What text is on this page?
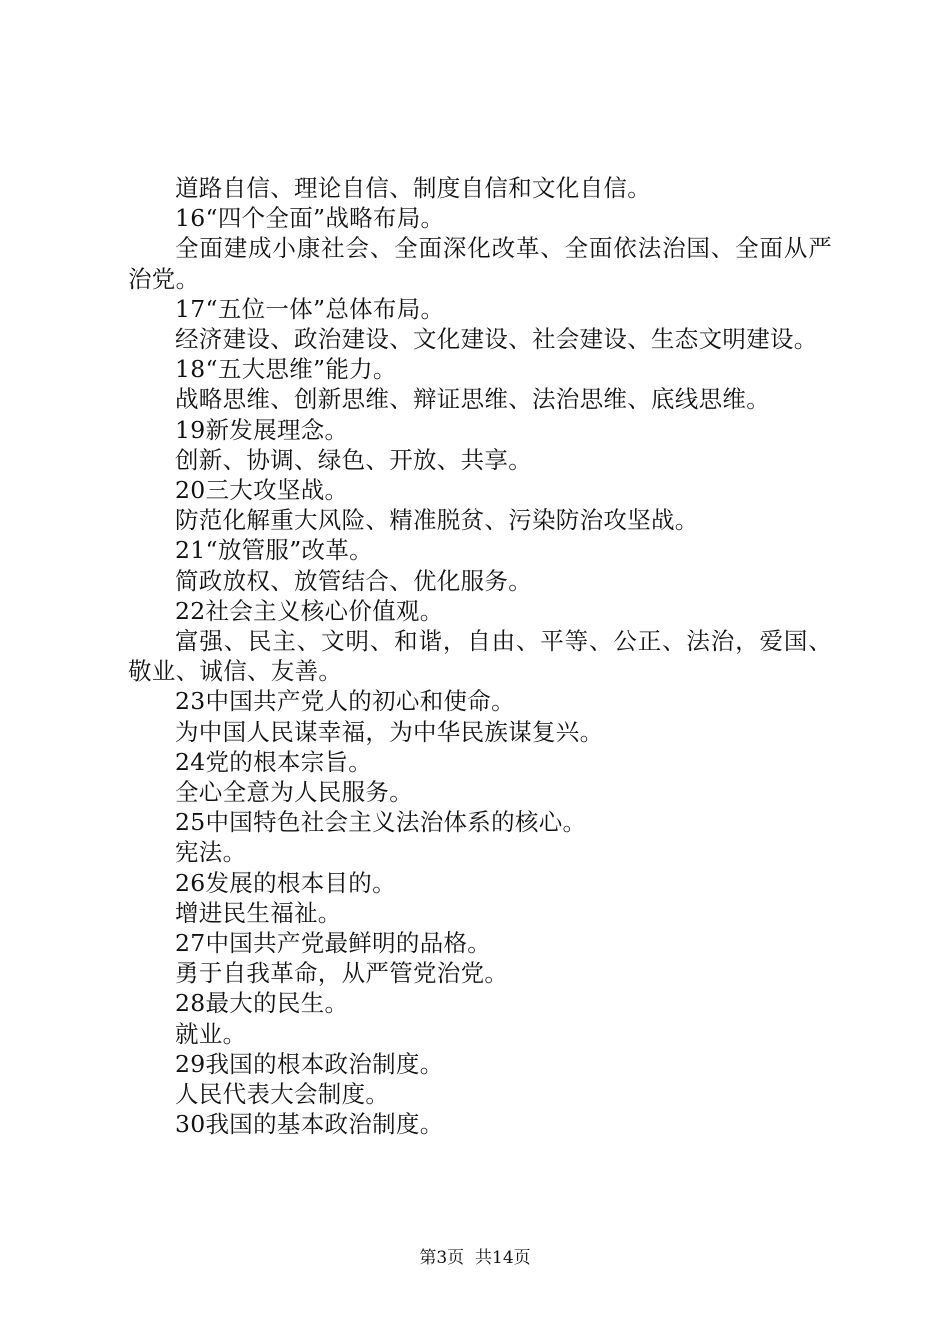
道路自信、理论自信、制度自信和文化自信。

16“四个全面”战略布局。

全面建成小康社会、全面深化改革、全面依法治国、全面从严治党。

17“五位一体”总体布局。

经济建设、政治建设、文化建设、社会建设、生态文明建设。

18“五大思维”能力。

战略思维、创新思维、辩证思维、法治思维、底线思维。

19新发展理念。

创新、协调、绿色、开放、共享。

20三大攻坚战。

防范化解重大风险、精准脱贫、污染防治攻坚战。

21“放管服”改革。

简政放权、放管结合、优化服务。

22社会主义核心价值观。

富强、民主、文明、和谐，自由、平等、公正、法治，爱国、敬业、诚信、友善。

23中国共产党人的初心和使命。

为中国人民谋幸福，为中华民族谋复兴。

24党的根本宗旨。

全心全意为人民服务。

25中国特色社会主义法治体系的核心。

宪法。

26发展的根本目的。

增进民生福祉。

27中国共产党最鲜明的品格。

勇于自我革命，从严管党治党。

28最大的民生。

就业。

29我国的根本政治制度。

人民代表大会制度。

30我国的基本政治制度。

第3页 共14页
